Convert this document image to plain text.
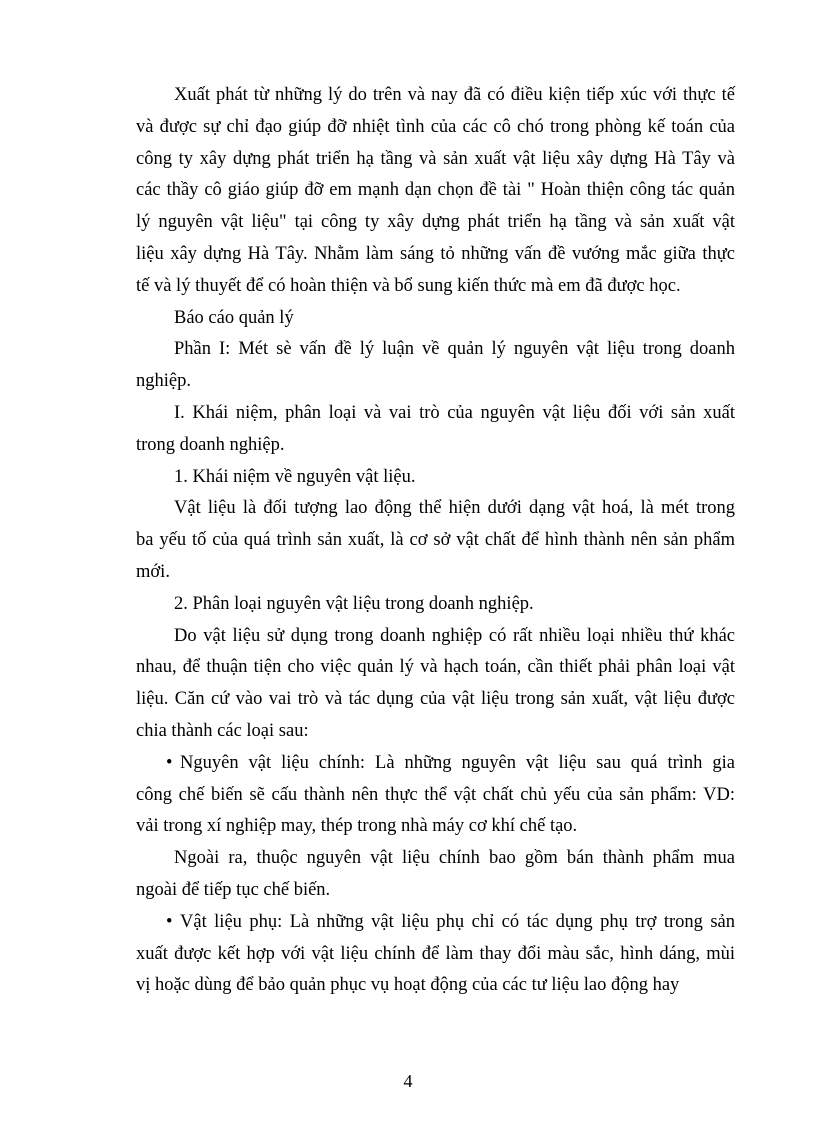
Xuất phát từ những lý do trên và nay đã có điều kiện tiếp xúc với thực tế
và được sự chỉ đạo giúp đỡ nhiệt tình của các cô chó trong phòng kế toán của
công ty xây dựng phát triển hạ tầng và sản xuất vật liệu xây dựng Hà Tây và
các thầy cô giáo giúp đỡ em mạnh dạn chọn đề tài " Hoàn thiện công tác quản
lý nguyên vật liệu" tại công ty xây dựng phát triển hạ tầng và sản xuất vật
liệu xây dựng Hà Tây. Nhằm làm sáng tỏ những vấn đề vướng mắc giữa thực
tế và lý thuyết để có hoàn thiện và bổ sung kiến thức mà em đã được học.

Báo cáo quản lý

Phần I: Mét sè vấn đề lý luận về quản lý nguyên vật liệu trong doanh
nghiệp.

I. Khái niệm, phân loại và vai trò của nguyên vật liệu đối với sản xuất
trong doanh nghiệp.

1. Khái niệm về nguyên vật liệu.

Vật liệu là đối tượng lao động thể hiện dưới dạng vật hoá, là mét trong
ba yếu tố của quá trình sản xuất, là cơ sở vật chất để hình thành nên sản phẩm
mới.

2. Phân loại nguyên vật liệu trong doanh nghiệp.

Do vật liệu sử dụng trong doanh nghiệp có rất nhiều loại nhiều thứ khác
nhau, để thuận tiện cho việc quản lý và hạch toán, cần thiết phải phân loại vật
liệu. Căn cứ vào vai trò và tác dụng của vật liệu trong sản xuất, vật liệu được
chia thành các loại sau:

• Nguyên vật liệu chính: Là những nguyên vật liệu sau quá trình gia
công chế biến sẽ cấu thành nên thực thể vật chất chủ yếu của sản phẩm: VD:
vải trong xí nghiệp may, thép trong nhà máy cơ khí chế tạo.

Ngoài ra, thuộc nguyên vật liệu chính bao gồm bán thành phẩm mua
ngoài để tiếp tục chế biến.

• Vật liệu phụ: Là những vật liệu phụ chỉ có tác dụng phụ trợ trong sản
xuất được kết hợp với vật liệu chính để làm thay đổi màu sắc, hình dáng, mùi
vị hoặc dùng để bảo quản phục vụ hoạt động của các tư liệu lao động hay

4
